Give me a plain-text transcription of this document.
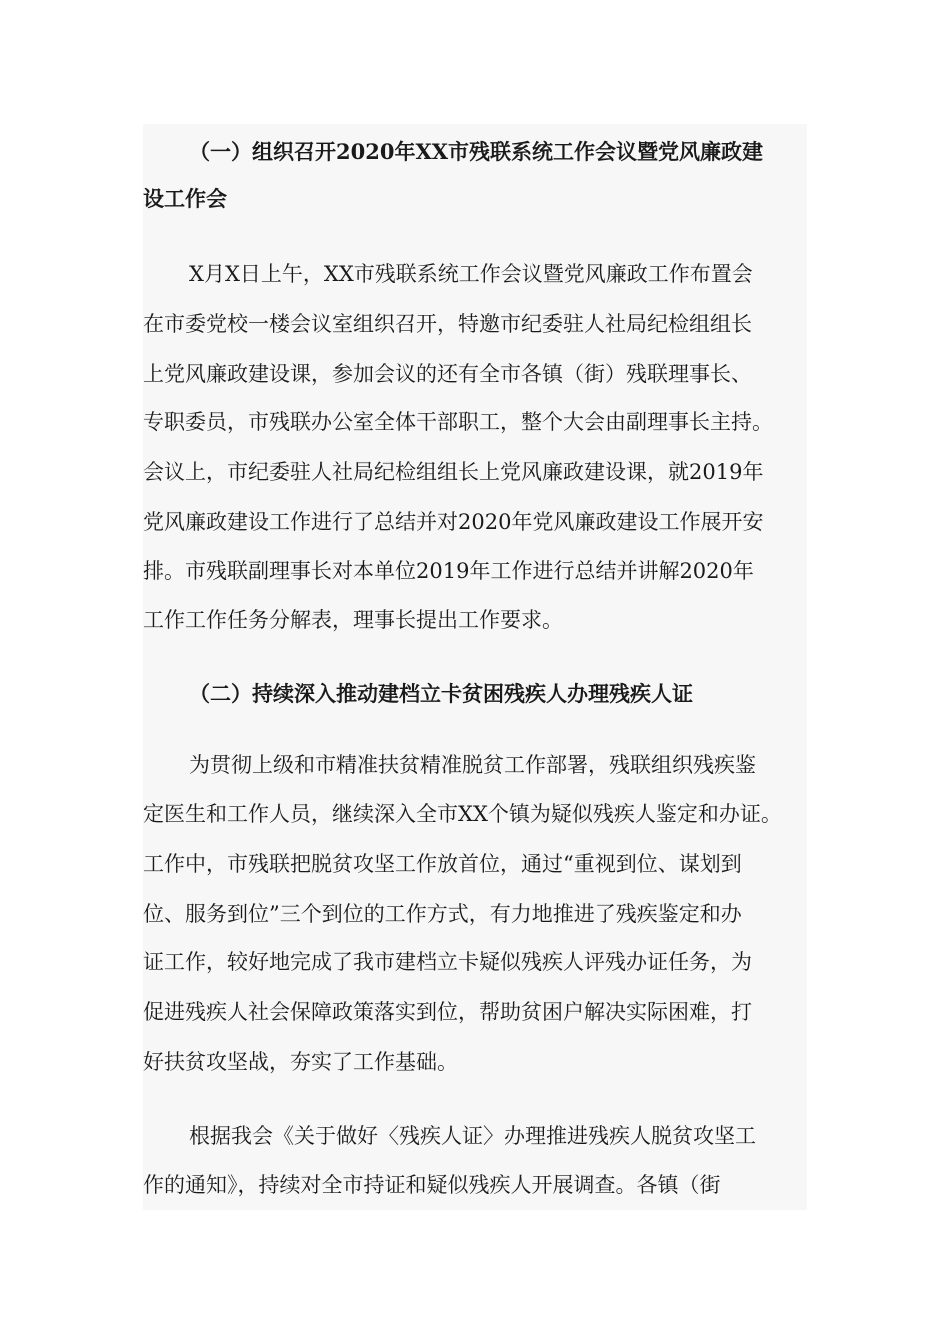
（一）组织召开2020年XX市残联系统工作会议暨党风廉政建
设工作会
X月X日上午，XX市残联系统工作会议暨党风廉政工作布置会
在市委党校一楼会议室组织召开，特邀市纪委驻人社局纪检组组长
上党风廉政建设课，参加会议的还有全市各镇（街）残联理事长、
专职委员，市残联办公室全体干部职工，整个大会由副理事长主持。
会议上，市纪委驻人社局纪检组组长上党风廉政建设课，就2019年
党风廉政建设工作进行了总结并对2020年党风廉政建设工作展开安
排。市残联副理事长对本单位2019年工作进行总结并讲解2020年
工作工作任务分解表，理事长提出工作要求。
（二）持续深入推动建档立卡贫困残疾人办理残疾人证
为贯彻上级和市精准扶贫精准脱贫工作部署，残联组织残疾鉴
定医生和工作人员，继续深入全市XX个镇为疑似残疾人鉴定和办证。
工作中，市残联把脱贫攻坚工作放首位，通过“重视到位、谋划到
位、服务到位”三个到位的工作方式，有力地推进了残疾鉴定和办
证工作，较好地完成了我市建档立卡疑似残疾人评残办证任务，为
促进残疾人社会保障政策落实到位，帮助贫困户解决实际困难，打
好扶贫攻坚战，夯实了工作基础。
根据我会《关于做好〈残疾人证〉办理推进残疾人脱贫攻坚工
作的通知》，持续对全市持证和疑似残疾人开展调查。各镇（街
